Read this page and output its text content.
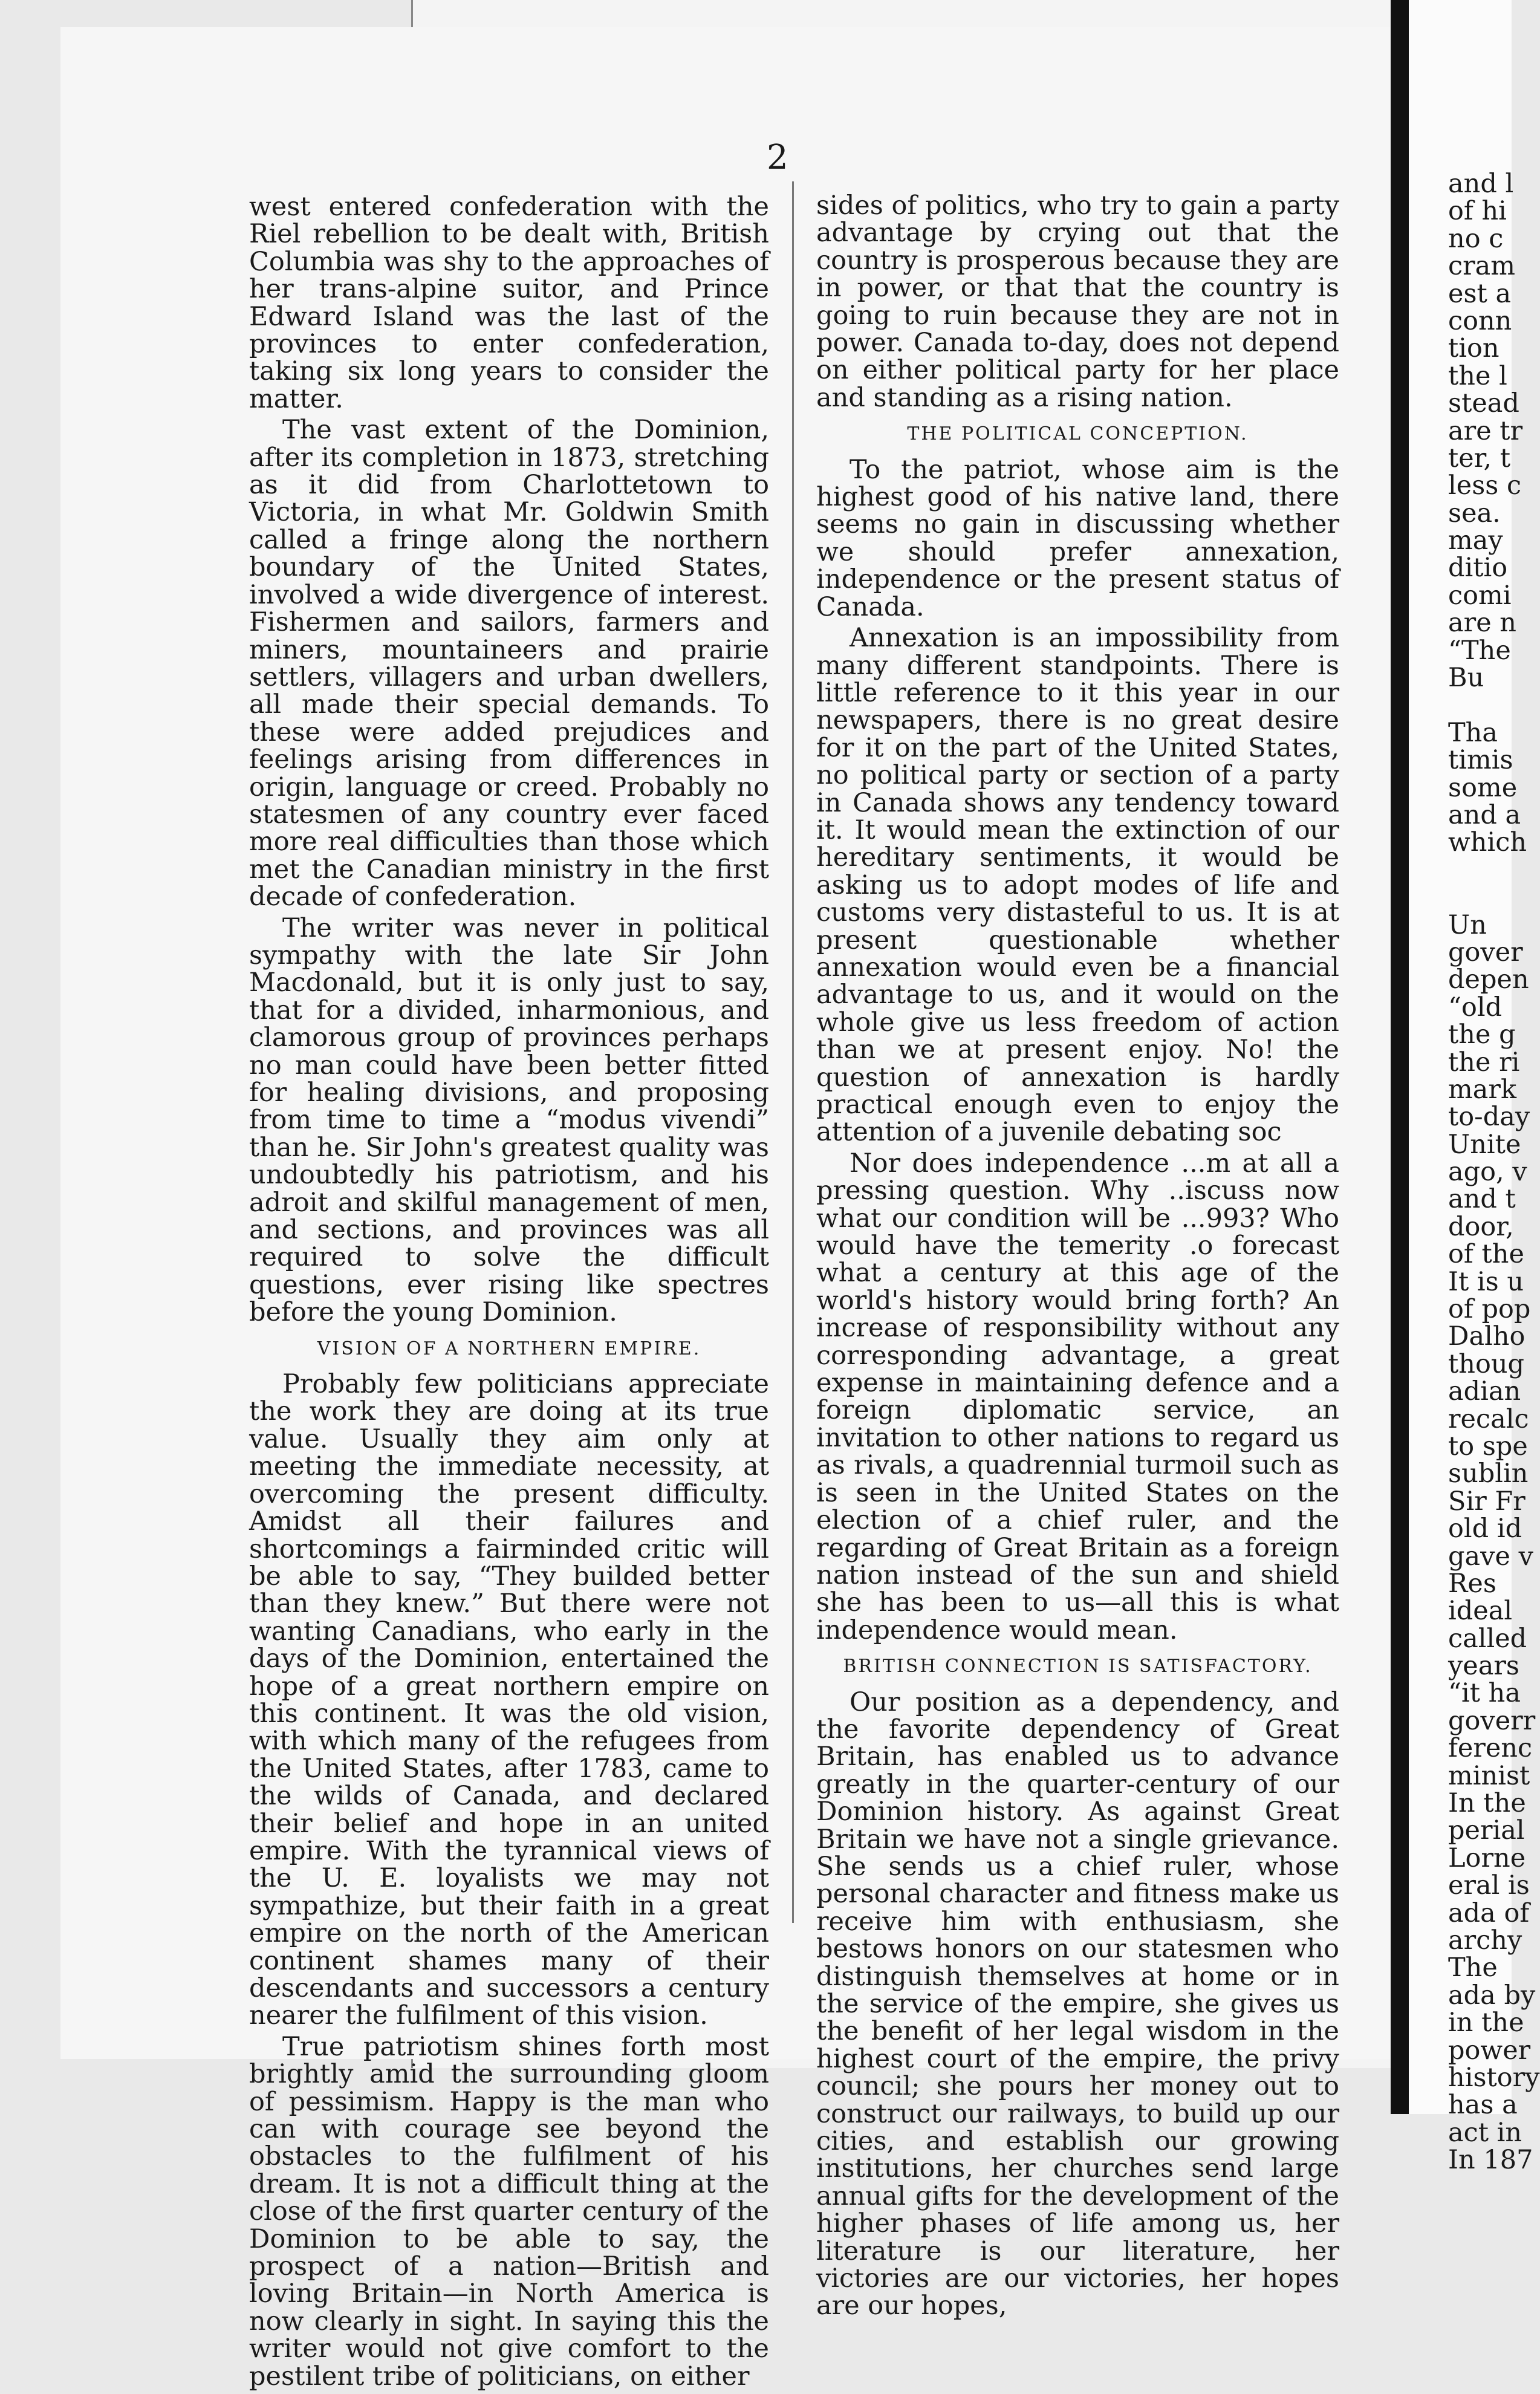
2

west entered confederation with the Riel rebellion to be dealt with, British Columbia was shy to the approaches of her trans-alpine suitor, and Prince Edward Island was the last of the provinces to enter confederation, taking six long years to consider the matter.

The vast extent of the Dominion, after its completion in 1873, stretching as it did from Charlottetown to Victoria, in what Mr. Goldwin Smith called a fringe along the northern boundary of the United States, involved a wide divergence of interest. Fishermen and sailors, farmers and miners, mountaineers and prairie settlers, villagers and urban dwellers, all made their special demands. To these were added prejudices and feelings arising from differences in origin, language or creed. Probably no statesmen of any country ever faced more real difficulties than those which met the Canadian ministry in the first decade of confederation.

The writer was never in political sympathy with the late Sir John Macdonald, but it is only just to say, that for a divided, inharmonious, and clamorous group of provinces perhaps no man could have been better fitted for healing divisions, and proposing from time to time a “modus vivendi” than he. Sir John's greatest quality was undoubtedly his patriotism, and his adroit and skilful management of men, and sections, and provinces was all required to solve the difficult questions, ever rising like spectres before the young Dominion.

VISION OF A NORTHERN EMPIRE.

Probably few politicians appreciate the work they are doing at its true value. Usually they aim only at meeting the immediate necessity, at overcoming the present difficulty. Amidst all their failures and shortcomings a fairminded critic will be able to say, “They builded better than they knew.” But there were not wanting Canadians, who early in the days of the Dominion, entertained the hope of a great northern empire on this continent. It was the old vision, with which many of the refugees from the United States, after 1783, came to the wilds of Canada, and declared their belief and hope in an united empire. With the tyrannical views of the U. E. loyalists we may not sympathize, but their faith in a great empire on the north of the American continent shames many of their descendants and successors a century nearer the fulfilment of this vision.

True patriotism shines forth most brightly amid the surrounding gloom of pessimism. Happy is the man who can with courage see beyond the obstacles to the fulfilment of his dream. It is not a difficult thing at the close of the first quarter century of the Dominion to be able to say, the prospect of a nation—British and loving Britain—in North America is now clearly in sight. In saying this the writer would not give comfort to the pestilent tribe of politicians, on either

sides of politics, who try to gain a party advantage by crying out that the country is prosperous because they are in power, or that that the country is going to ruin because they are not in power. Canada to-day, does not depend on either political party for her place and standing as a rising nation.

THE POLITICAL CONCEPTION.

To the patriot, whose aim is the highest good of his native land, there seems no gain in discussing whether we should prefer annexation, independence or the present status of Canada.

Annexation is an impossibility from many different standpoints. There is little reference to it this year in our newspapers, there is no great desire for it on the part of the United States, no political party or section of a party in Canada shows any tendency toward it. It would mean the extinction of our hereditary sentiments, it would be asking us to adopt modes of life and customs very distasteful to us. It is at present questionable whether annexation would even be a financial advantage to us, and it would on the whole give us less freedom of action than we at present enjoy. No! the question of annexation is hardly practical enough even to enjoy the attention of a juvenile debating soc

Nor does independence ...m at all a pressing question. Why ..iscuss now what our condition will be ...993? Who would have the temerity .o forecast what a century at this age of the world's history would bring forth? An increase of responsibility without any corresponding advantage, a great expense in maintaining defence and a foreign diplomatic service, an invitation to other nations to regard us as rivals, a quadrennial turmoil such as is seen in the United States on the election of a chief ruler, and the regarding of Great Britain as a foreign nation instead of the sun and shield she has been to us—all this is what independence would mean.

BRITISH CONNECTION IS SATISFACTORY.

Our position as a dependency, and the favorite dependency of Great Britain, has enabled us to advance greatly in the quarter-century of our Dominion history. As against Great Britain we have not a single grievance. She sends us a chief ruler, whose personal character and fitness make us receive him with enthusiasm, she bestows honors on our statesmen who distinguish themselves at home or in the service of the empire, she gives us the benefit of her legal wisdom in the highest court of the empire, the privy council; she pours her money out to construct our railways, to build up our cities, and establish our growing institutions, her churches send large annual gifts for the development of the higher phases of life among us, her literature is our literature, her victories are our victories, her hopes are our hopes,

and l
of hi
no c
cram
est a
conn
tion
the l
stead
are tr
ter, t
less c
sea.
may
ditio
comi
are n
“The
Bu
Tha
timis
some
and a
which
Un
gover
depen
“old
the g
the ri
mark
to-day
Unite
ago, v
and t
door,
of the
It is u
of pop
Dalho
thoug
adian
recalc
to spe
sublin
Sir Fr
old id
gave v
Res
ideal
called
years
“it ha
goverr
ferenc
minist
In the
perial
Lorne
eral is
ada of
archy
The
ada by
in the
power
history
has a
act in
In 187
